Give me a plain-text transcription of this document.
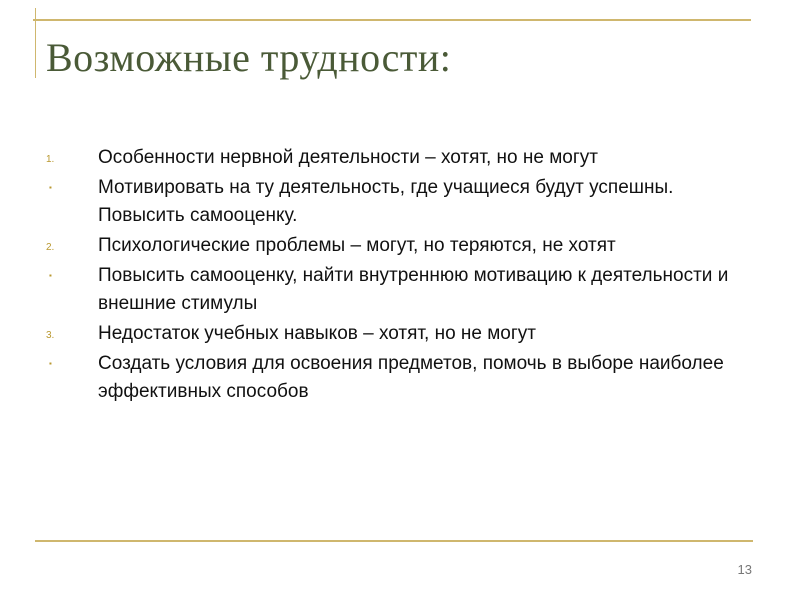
Возможные трудности:
1.	Особенности нервной деятельности – хотят, но не могут
▪	Мотивировать на ту деятельность, где учащиеся будут успешны. Повысить самооценку.
2.	Психологические проблемы – могут, но теряются, не хотят
▪	Повысить самооценку, найти внутреннюю мотивацию к деятельности и внешние стимулы
3.	Недостаток учебных навыков – хотят, но не могут
▪	Создать условия для освоения предметов, помочь в выборе наиболее эффективных способов
13
